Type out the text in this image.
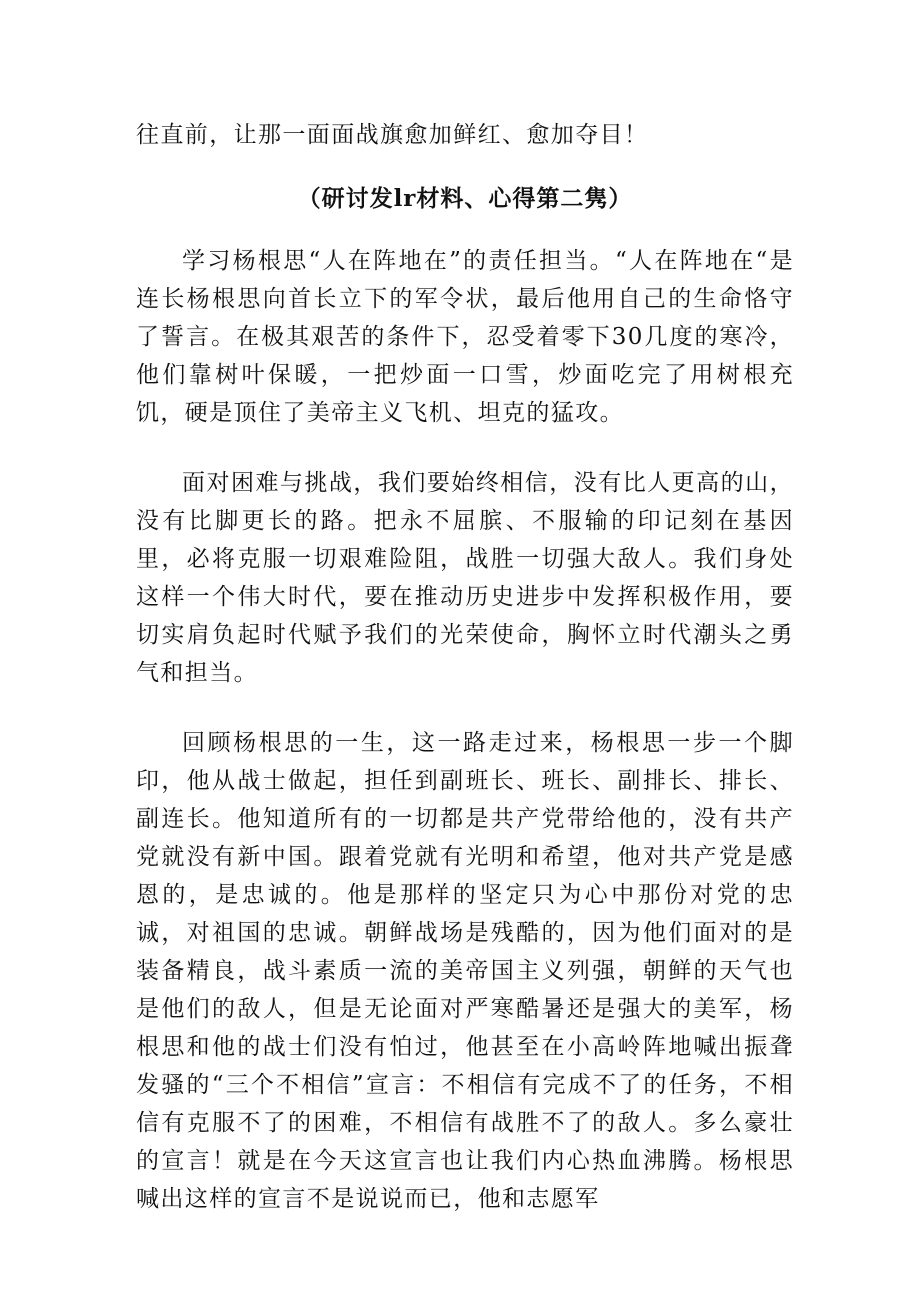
往直前，让那一面面战旗愈加鲜红、愈加夺目！

（研讨发lr材料、心得第二隽）

学习杨根思“人在阵地在”的责任担当。“人在阵地在“是连长杨根思向首长立下的军令状，最后他用自己的生命恪守了誓言。在极其艰苦的条件下，忍受着零下30几度的寒冷，他们靠树叶保暖，一把炒面一口雪，炒面吃完了用树根充饥，硬是顶住了美帝主义飞机、坦克的猛攻。

面对困难与挑战，我们要始终相信，没有比人更高的山，没有比脚更长的路。把永不屈膑、不服输的印记刻在基因里，必将克服一切艰难险阻，战胜一切强大敌人。我们身处这样一个伟大时代，要在推动历史进步中发挥积极作用，要切实肩负起时代赋予我们的光荣使命，胸怀立时代潮头之勇气和担当。

回顾杨根思的一生，这一路走过来，杨根思一步一个脚印，他从战士做起，担任到副班长、班长、副排长、排长、副连长。他知道所有的一切都是共产党带给他的，没有共产党就没有新中国。跟着党就有光明和希望，他对共产党是感恩的，是忠诚的。他是那样的坚定只为心中那份对党的忠诚，对祖国的忠诚。朝鲜战场是残酷的，因为他们面对的是装备精良，战斗素质一流的美帝国主义列强，朝鲜的天气也是他们的敌人，但是无论面对严寒酷暑还是强大的美军，杨根思和他的战士们没有怕过，他甚至在小高岭阵地喊出振聋发骚的“三个不相信”宣言：不相信有完成不了的任务，不相信有克服不了的困难，不相信有战胜不了的敌人。多么豪壮的宣言！就是在今天这宣言也让我们内心热血沸腾。杨根思喊出这样的宣言不是说说而已，他和志愿军
